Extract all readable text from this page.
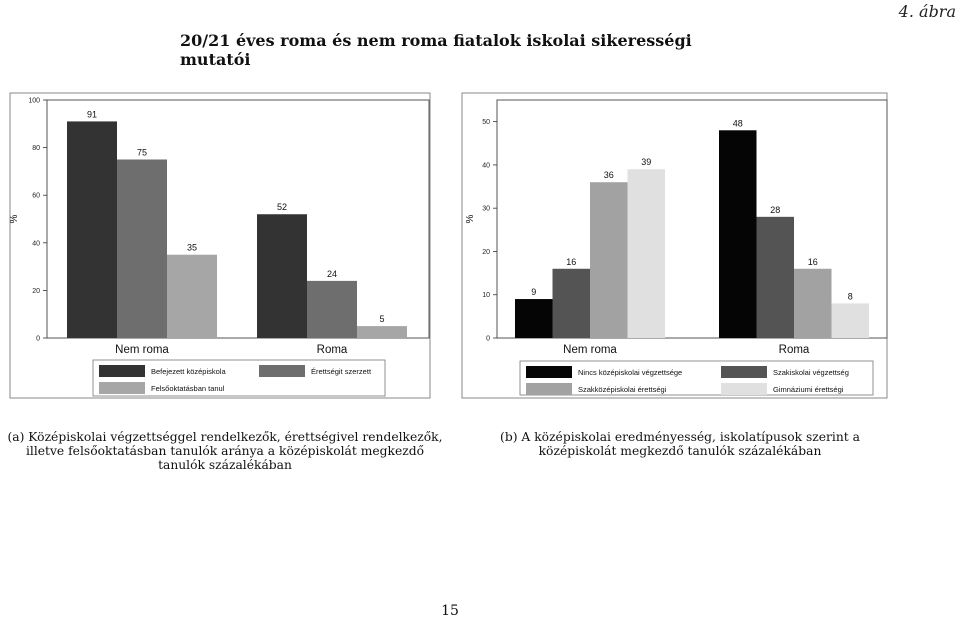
4. ábra
20/21 éves roma és nem roma fiatalok iskolai sikerességi mutatói
0
20
40
60
80
100
%
91
75
35
Nem roma
52
24
5
Roma
Befejezett középiskola	Érettségit szerzett
Felsőoktatásban tanul
0
10
20
30
40
50
%
9
16
36
39
Nem roma
48
28
16
8
Roma
Nincs középiskolai végzettsége	Szakiskolai végzettség
Szakközépiskolai érettségi	Gimnáziumi érettségi
(a) Középiskolai végzettséggel rendelkezők, érettségivel rendelkezők, illetve felsőoktatásban tanulók aránya a középiskolát megkezdő tanulók százalékában
(b) A középiskolai eredményesség, iskolatípusok szerint a középiskolát megkezdő tanulók százalékában
15
